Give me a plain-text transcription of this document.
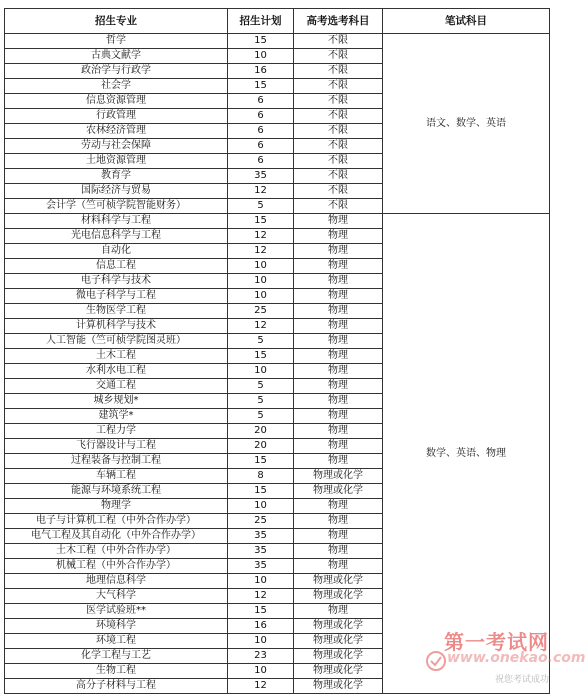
招生专业	招生计划	高考选考科目	笔试科目
哲学	15	不限	语文、数学、英语
古典文献学	10	不限	
政治学与行政学	16	不限	
社会学	15	不限	
信息资源管理	6	不限	
行政管理	6	不限	
农林经济管理	6	不限	
劳动与社会保障	6	不限	
土地资源管理	6	不限	
教育学	35	不限	
国际经济与贸易	12	不限	
会计学（竺可桢学院智能财务）	5	不限	
材料科学与工程	15	物理	数学、英语、物理
光电信息科学与工程	12	物理	
自动化	12	物理	
信息工程	10	物理	
电子科学与技术	10	物理	
微电子科学与工程	10	物理	
生物医学工程	25	物理	
计算机科学与技术	12	物理	
人工智能（竺可桢学院图灵班）	5	物理	
土木工程	15	物理	
水利水电工程	10	物理	
交通工程	5	物理	
城乡规划*	5	物理	
建筑学*	5	物理	
工程力学	20	物理	
飞行器设计与工程	20	物理	
过程装备与控制工程	15	物理	
车辆工程	8	物理或化学	
能源与环境系统工程	15	物理或化学	
物理学	10	物理	
电子与计算机工程（中外合作办学）	25	物理	
电气工程及其自动化（中外合作办学）	35	物理	
土木工程（中外合作办学）	35	物理	
机械工程（中外合作办学）	35	物理	
地理信息科学	10	物理或化学	
大气科学	12	物理或化学	
医学试验班**	15	物理	
环境科学	16	物理或化学	
环境工程	10	物理或化学	
化学工程与工艺	23	物理或化学	
生物工程	10	物理或化学	
高分子材料与工程	12	物理或化学	
第一考试网
www.onekao.com
祝您考试成功
